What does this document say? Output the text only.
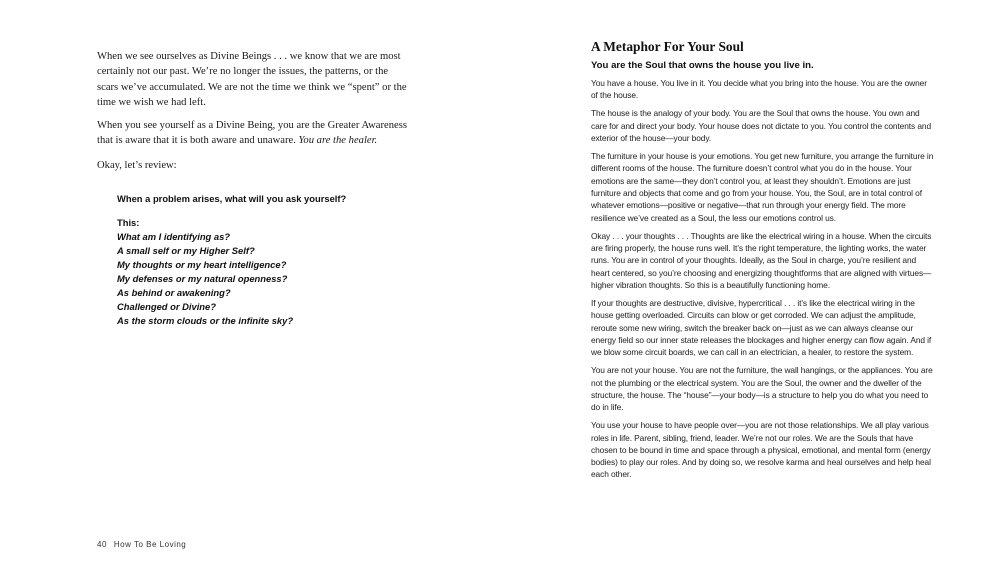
When we see ourselves as Divine Beings . . . we know that we are most certainly not our past. We’re no longer the issues, the patterns, or the scars we’ve accumulated. We are not the time we think we “spent” or the time we wish we had left.

When you see yourself as a Divine Being, you are the Greater Awareness that is aware that it is both aware and unaware. You are the healer.

Okay, let’s review:

When a problem arises, what will you ask yourself?

This:
What am I identifying as?
A small self or my Higher Self?
My thoughts or my heart intelligence?
My defenses or my natural openness?
As behind or awakening?
Challenged or Divine?
As the storm clouds or the infinite sky?
40 How To Be Loving
A Metaphor For Your Soul

You are the Soul that owns the house you live in.

You have a house. You live in it. You decide what you bring into the house. You are the owner of the house.

The house is the analogy of your body. You are the Soul that owns the house. You own and care for and direct your body. Your house does not dictate to you. You control the contents and exterior of the house—your body.

The furniture in your house is your emotions. You get new furniture, you arrange the furniture in different rooms of the house. The furniture doesn’t control what you do in the house. Your emotions are the same—they don’t control you, at least they shouldn’t. Emotions are just furniture and objects that come and go from your house. You, the Soul, are in total control of whatever emotions—positive or negative—that run through your energy field. The more resilience we’ve created as a Soul, the less our emotions control us.

Okay . . . your thoughts . . . Thoughts are like the electrical wiring in a house. When the circuits are firing properly, the house runs well. It’s the right temperature, the lighting works, the water runs. You are in control of your thoughts. Ideally, as the Soul in charge, you’re resilient and heart centered, so you’re choosing and energizing thoughtforms that are aligned with virtues—higher vibration thoughts. So this is a beautifully functioning home.

If your thoughts are destructive, divisive, hypercritical . . . it’s like the electrical wiring in the house getting overloaded. Circuits can blow or get corroded. We can adjust the amplitude, reroute some new wiring, switch the breaker back on—just as we can always cleanse our energy field so our inner state releases the blockages and higher energy can flow again. And if we blow some circuit boards, we can call in an electrician, a healer, to restore the system.

You are not your house. You are not the furniture, the wall hangings, or the appliances. You are not the plumbing or the electrical system. You are the Soul, the owner and the dweller of the structure, the house. The “house”—your body—is a structure to help you do what you need to do in life.

You use your house to have people over—you are not those relationships. We all play various roles in life. Parent, sibling, friend, leader. We’re not our roles. We are the Souls that have chosen to be bound in time and space through a physical, emotional, and mental form (energy bodies) to play our roles. And by doing so, we resolve karma and heal ourselves and help heal each other.
